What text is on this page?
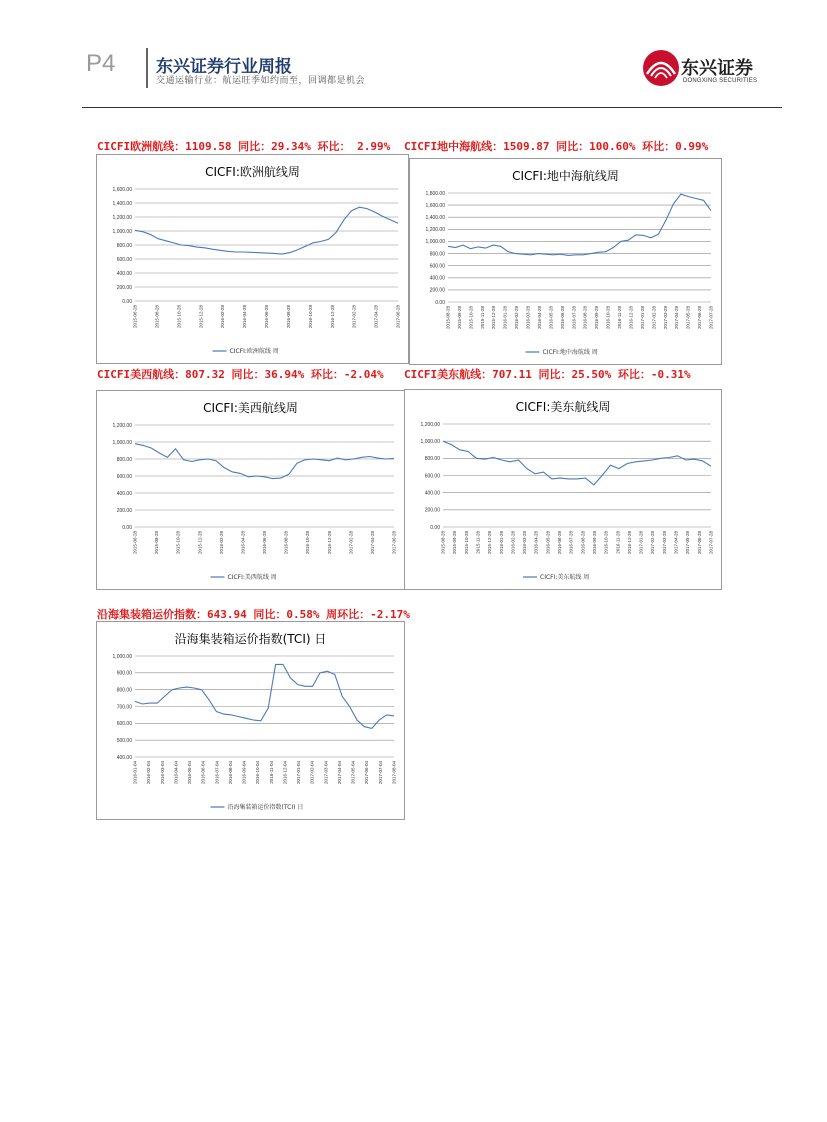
P4 东兴证券行业周报
交通运输行业：航运旺季如约而至，回调都是机会
东兴证券
DONGXING SECURITIES
CICFI欧洲航线：1109.58 同比：29.34% 环比： 2.99% CICFI地中海航线：1509.87 同比：100.60% 环比：0.99%
CICFI美西航线：807.32 同比：36.94% 环比：-2.04% CICFI美东航线：707.11 同比：25.50% 环比：-0.31%
沿海集装箱运价指数：643.94 同比：0.58% 周环比：-2.17%
CICFI:欧洲航线周
0.00
200.00
400.00
600.00
800.00
1,000.00
1,200.00
1,400.00
1,600.00
2015-06-28	2015-08-28	2015-10-28	2015-12-28	2016-02-28	2016-04-28	2016-06-28	2016-08-28	2016-10-28	2016-12-28	2017-02-28	2017-04-28	2017-06-28
CICFI:欧洲航线 周
CICFI:地中海航线周
0.00
200.00
400.00
600.00
800.00
1,000.00
1,200.00
1,400.00
1,600.00
1,800.00
2015-08-28 2015-09-28 2015-10-28 2015-11-28 2015-12-28 2016-01-28 2016-02-28 2016-03-28 2016-04-28 2016-05-28 2016-06-28 2016-07-28 2016-08-28 2016-09-28 2016-10-28 2016-11-28 2016-12-28 2017-01-28 2017-02-28 2017-03-28 2017-04-28 2017-05-28 2017-06-28 2017-07-28
CICFI:地中海航线 周
CICFI:美西航线周
0.00
200.00
400.00
600.00
800.00
1,000.00
1,200.00
2015-06-28	2015-08-28	2015-10-28	2015-12-28	2016-02-28	2016-04-28	2016-06-28	2016-08-28	2016-10-28	2016-12-28	2017-02-28	2017-04-28	2017-06-28
CICFI:美西航线 周
CICFI:美东航线周
0.00
200.00
400.00
600.00
800.00
1,000.00
1,200.00
2015-08-28 2015-09-28 2015-10-28 2015-11-28 2015-12-28 2016-01-28 2016-02-28 2016-03-28 2016-04-28 2016-05-28 2016-06-28 2016-07-28 2016-08-28 2016-09-28 2016-10-28 2016-11-28 2016-12-28 2017-01-28 2017-02-28 2017-03-28 2017-04-28 2017-05-28 2017-06-28 2017-07-28
CICFI:美东航线 周
沿海集装箱运价指数(TCI) 日
400.00
500.00
600.00
700.00
800.00
900.00
1,000.00
2016-01-04 2016-02-04 2016-03-04 2016-04-04 2016-05-04 2016-06-04 2016-07-04 2016-08-04 2016-09-04 2016-10-04 2016-11-04 2016-12-04 2017-01-04 2017-02-04 2017-03-04 2017-04-04 2017-05-04 2017-06-04 2017-07-04 2017-08-04
沿海集装箱运价指数(TCI) 日
